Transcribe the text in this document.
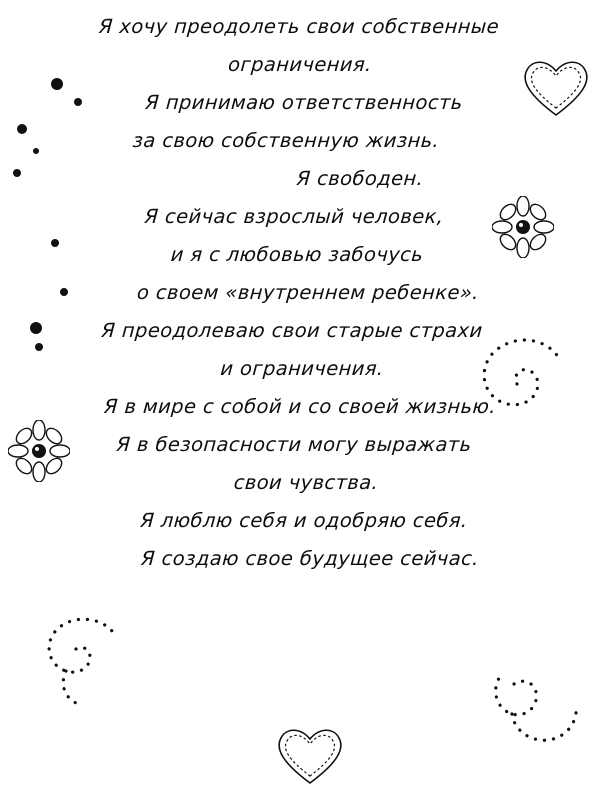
Я хочу преодолеть свои собственные
ограничения.
Я принимаю ответственность
за свою собственную жизнь.
Я свободен.
Я сейчас взрослый человек,
и я с любовью забочусь
о своем «внутреннем ребенке».
Я преодолеваю свои старые страхи
и ограничения.
Я в мире с собой и со своей жизнью.
Я в безопасности могу выражать
свои чувства.
Я люблю себя и одобряю себя.
Я создаю свое будущее сейчас.
